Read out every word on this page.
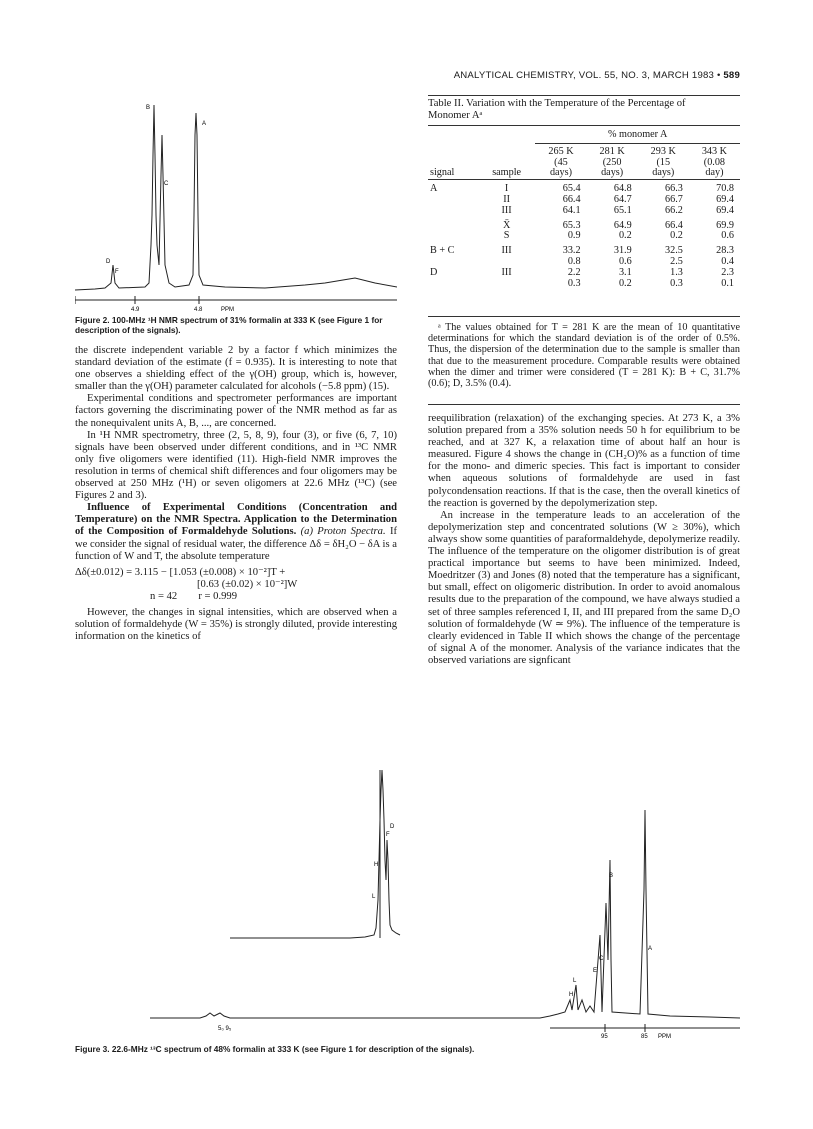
ANALYTICAL CHEMISTRY, VOL. 55, NO. 3, MARCH 1983 • 589
B
A
C
D
F
4.9	4.8	PPM
Figure 2. 100-MHz ¹H NMR spectrum of 31% formalin at 333 K (see Figure 1 for description of the signals).

the discrete independent variable 2 by a factor f which minimizes the standard deviation of the estimate (f = 0.935). It is interesting to note that one observes a shielding effect of the γ(OH) group, which is, however, smaller than the γ(OH) parameter calculated for alcohols (−5.8 ppm) (15).

Experimental conditions and spectrometer performances are important factors governing the discriminating power of the NMR method as far as the nonequivalent units A, B, ..., are concerned.

In ¹H NMR spectrometry, three (2, 5, 8, 9), four (3), or five (6, 7, 10) signals have been observed under different conditions, and in ¹³C NMR only five oligomers were identified (11). High-field NMR improves the resolution in terms of chemical shift differences and four oligomers may be observed at 250 MHz (¹H) or seven oligomers at 22.6 MHz (¹³C) (see Figures 2 and 3).

Influence of Experimental Conditions (Concentration and Temperature) on the NMR Spectra. Application to the Determination of the Composition of Formaldehyde Solutions. (a) Proton Spectra. If we consider the signal of residual water, the difference Δδ = δH₂O − δA is a function of W and T, the absolute temperature

Δδ(±0.012) = 3.115 − [1.053 (±0.008) × 10⁻²]T +
[0.63 (±0.02) × 10⁻²]W
n = 42        r = 0.999

However, the changes in signal intensities, which are observed when a solution of formaldehyde (W = 35%) is strongly diluted, provide interesting information on the kinetics of

Table II. Variation with the Temperature of the Percentage of Monomer Aᵃ
		% monomer A			
signal	sample	265 K
(45
days)	281 K
(250
days)	293 K
(15
days)	343 K
(0.08
day)
A	I	65.4	64.8	66.3	70.8
	II	66.4	64.7	66.7	69.4
	III	64.1	65.1	66.2	69.4
	X̄	65.3	64.9	66.4	69.9
	S	0.9	0.2	0.2	0.6
B + C	III	33.2	31.9	32.5	28.3
		0.8	0.6	2.5	0.4
D	III	2.2	3.1	1.3	2.3
		0.3	0.2	0.3	0.1

ᵃ The values obtained for T = 281 K are the mean of 10 quantitative determinations for which the standard deviation is of the order of 0.5%. Thus, the dispersion of the determination due to the sample is smaller than that due to the measurement procedure. Comparable results were obtained when the dimer and trimer were considered (T = 281 K): B + C, 31.7% (0.6); D, 3.5% (0.4).

reequilibration (relaxation) of the exchanging species. At 273 K, a 3% solution prepared from a 35% solution needs 50 h for equilibrium to be reached, and at 327 K, a relaxation time of about half an hour is measured. Figure 4 shows the change in (CH₂O)% as a function of time for the mono- and dimeric species. This fact is important to consider when aqueous solutions of formaldehyde are used in fast polycondensation reactions. If that is the case, then the overall kinetics of the reaction is governed by the depolymerization step.

An increase in the temperature leads to an acceleration of the depolymerization step and concentrated solutions (W ≥ 30%), which always show some quantities of paraformaldehyde, depolymerize readily. The influence of the temperature on the oligomer distribution is of great practical importance but seems to have been minimized. Indeed, Moedritzer (3) and Jones (8) noted that the temperature has a significant, but small, effect on oligomeric distribution. In order to avoid anomalous results due to the preparation of the compound, we have always studied a set of three samples referenced I, II, and III prepared from the same D₂O solution of formaldehyde (W ≃ 9%). The influence of the temperature is clearly evidenced in Table II which shows the change of the percentage of signal A of the monomer. Analysis of the variance indicates that the observed variations are signficant

F
D
H
L
B
A
C
E
H
L
95	85 PPM
5₀ 9₅
Figure 3. 22.6-MHz ¹³C spectrum of 48% formalin at 333 K (see Figure 1 for description of the signals).
